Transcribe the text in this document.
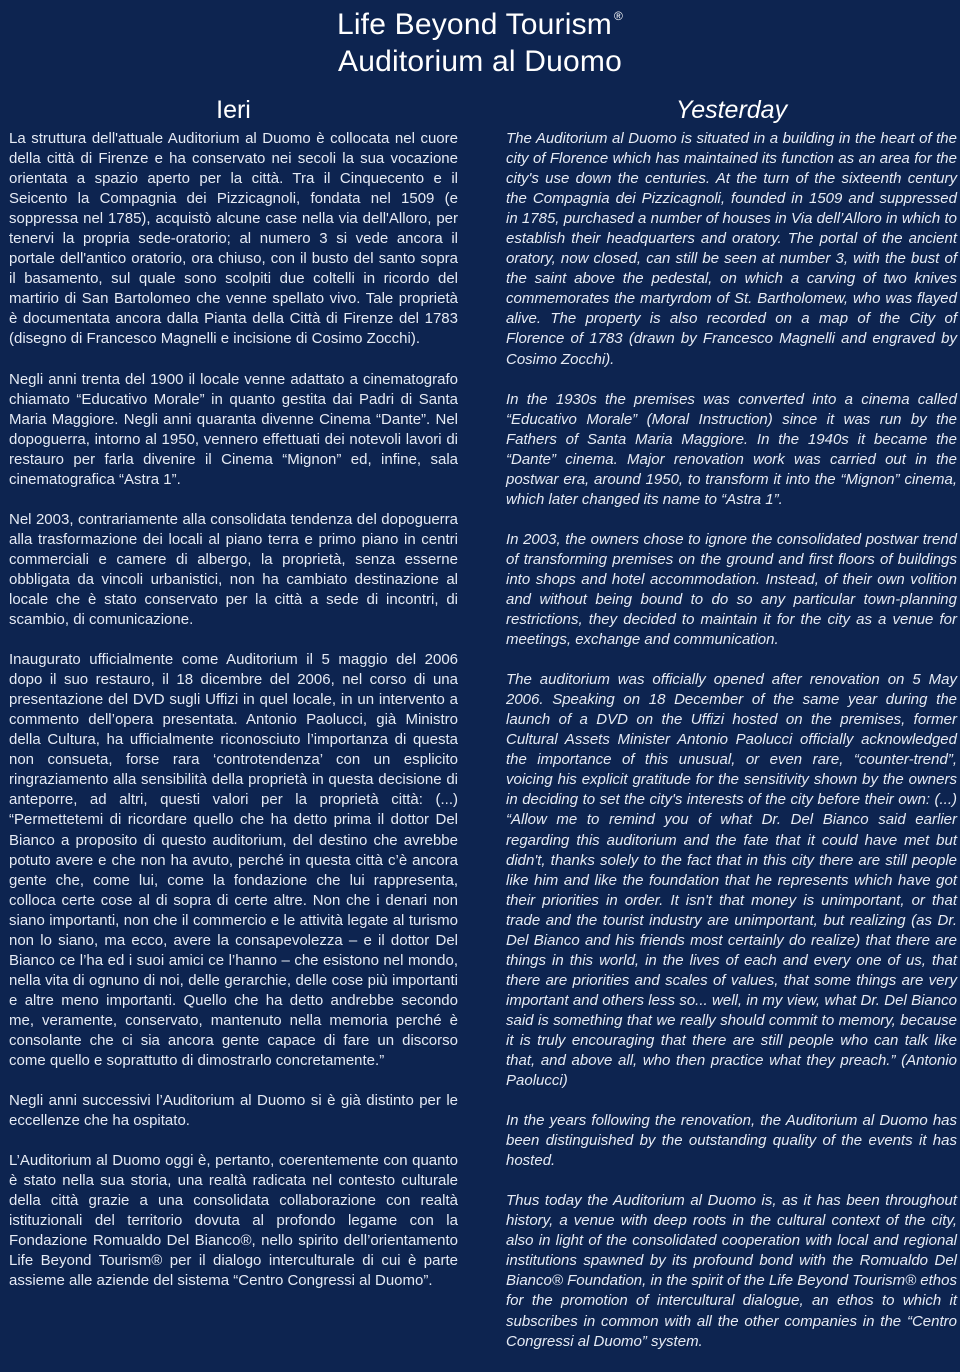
Life Beyond Tourism ®
Auditorium al Duomo
Ieri

La struttura dell'attuale Auditorium al Duomo è collocata nel cuore della città di Firenze e ha conservato nei secoli la sua vocazione orientata a spazio aperto per la città. Tra il Cinquecento e il Seicento la Compagnia dei Pizzicagnoli, fondata nel 1509 (e soppressa nel 1785), acquistò alcune case nella via dell'Alloro, per tenervi la propria sede-oratorio; al numero 3 si vede ancora il portale dell'antico oratorio, ora chiuso, con il busto del santo sopra il basamento, sul quale sono scolpiti due coltelli in ricordo del martirio di San Bartolomeo che venne spellato vivo. Tale proprietà è documentata ancora dalla Pianta della Città di Firenze del 1783 (disegno di Francesco Magnelli e incisione di Cosimo Zocchi).

Negli anni trenta del 1900 il locale venne adattato a cinematografo chiamato “Educativo Morale” in quanto gestita dai Padri di Santa Maria Maggiore. Negli anni quaranta divenne Cinema “Dante”. Nel dopoguerra, intorno al 1950, vennero effettuati dei notevoli lavori di restauro per farla divenire il Cinema “Mignon” ed, infine, sala cinematografica “Astra 1”.

Nel 2003, contrariamente alla consolidata tendenza del dopoguerra alla trasformazione dei locali al piano terra e primo piano in centri commerciali e camere di albergo, la proprietà, senza esserne obbligata da vincoli urbanistici, non ha cambiato destinazione al locale che è stato conservato per la città a sede di incontri, di scambio, di comunicazione.

Inaugurato ufficialmente come Auditorium il 5 maggio del 2006 dopo il suo restauro, il 18 dicembre del 2006, nel corso di una presentazione del DVD sugli Uffizi in quel locale, in un intervento a commento dell’opera presentata. Antonio Paolucci, già Ministro della Cultura, ha ufficialmente riconosciuto l’importanza di questa non consueta, forse rara ‘controtendenza’ con un esplicito ringraziamento alla sensibilità della proprietà in questa decisione di anteporre, ad altri, questi valori per la proprietà città: (...) “Permettetemi di ricordare quello che ha detto prima il dottor Del Bianco a proposito di questo auditorium, del destino che avrebbe potuto avere e che non ha avuto, perché in questa città c’è ancora gente che, come lui, come la fondazione che lui rappresenta, colloca certe cose al di sopra di certe altre. Non che i denari non siano importanti, non che il commercio e le attività legate al turismo non lo siano, ma ecco, avere la consapevolezza – e il dottor Del Bianco ce l’ha ed i suoi amici ce l’hanno – che esistono nel mondo, nella vita di ognuno di noi, delle gerarchie, delle cose più importanti e altre meno importanti. Quello che ha detto andrebbe secondo me, veramente, conservato, mantenuto nella memoria perché è consolante che ci sia ancora gente capace di fare un discorso come quello e soprattutto di dimostrarlo concretamente.”

Negli anni successivi l’Auditorium al Duomo si è già distinto per le eccellenze che ha ospitato.

L’Auditorium al Duomo oggi è, pertanto, coerentemente con quanto è stato nella sua storia, una realtà radicata nel contesto culturale della città grazie a una consolidata collaborazione con realtà istituzionali del territorio dovuta al profondo legame con la Fondazione Romualdo Del Bianco®, nello spirito dell’orientamento Life Beyond Tourism® per il dialogo interculturale di cui è parte assieme alle aziende del sistema “Centro Congressi al Duomo”.

Yesterday

The Auditorium al Duomo is situated in a building in the heart of the city of Florence which has maintained its function as an area for the city's use down the centuries. At the turn of the sixteenth century the Compagnia dei Pizzicagnoli, founded in 1509 and suppressed in 1785, purchased a number of houses in Via dell’Alloro in which to establish their headquarters and oratory. The portal of the ancient oratory, now closed, can still be seen at number 3, with the bust of the saint above the pedestal, on which a carving of two knives commemorates the martyrdom of St. Bartholomew, who was flayed alive. The property is also recorded on a map of the City of Florence of 1783 (drawn by Francesco Magnelli and engraved by Cosimo Zocchi).

In the 1930s the premises was converted into a cinema called “Educativo Morale” (Moral Instruction) since it was run by the Fathers of Santa Maria Maggiore. In the 1940s it became the “Dante” cinema. Major renovation work was carried out in the postwar era, around 1950, to transform it into the “Mignon” cinema, which later changed its name to “Astra 1”.

In 2003, the owners chose to ignore the consolidated postwar trend of transforming premises on the ground and first floors of buildings into shops and hotel accommodation. Instead, of their own volition and without being bound to do so any particular town-planning restrictions, they decided to maintain it for the city as a venue for meetings, exchange and communication.

The auditorium was officially opened after renovation on 5 May 2006. Speaking on 18 December of the same year during the launch of a DVD on the Uffizi hosted on the premises, former Cultural Assets Minister Antonio Paolucci officially acknowledged the importance of this unusual, or even rare, “counter-trend”, voicing his explicit gratitude for the sensitivity shown by the owners in deciding to set the city's interests of the city before their own: (...) “Allow me to remind you of what Dr. Del Bianco said earlier regarding this auditorium and the fate that it could have met but didn't, thanks solely to the fact that in this city there are still people like him and like the foundation that he represents which have got their priorities in order. It isn't that money is unimportant, or that trade and the tourist industry are unimportant, but realizing (as Dr. Del Bianco and his friends most certainly do realize) that there are things in this world, in the lives of each and every one of us, that there are priorities and scales of values, that some things are very important and others less so... well, in my view, what Dr. Del Bianco said is something that we really should commit to memory, because it is truly encouraging that there are still people who can talk like that, and above all, who then practice what they preach.” (Antonio Paolucci)

In the years following the renovation, the Auditorium al Duomo has been distinguished by the outstanding quality of the events it has hosted.

Thus today the Auditorium al Duomo is, as it has been throughout history, a venue with deep roots in the cultural context of the city, also in light of the consolidated cooperation with local and regional institutions spawned by its profound bond with the Romualdo Del Bianco® Foundation, in the spirit of the Life Beyond Tourism® ethos for the promotion of intercultural dialogue, an ethos to which it subscribes in common with all the other companies in the “Centro Congressi al Duomo” system.
